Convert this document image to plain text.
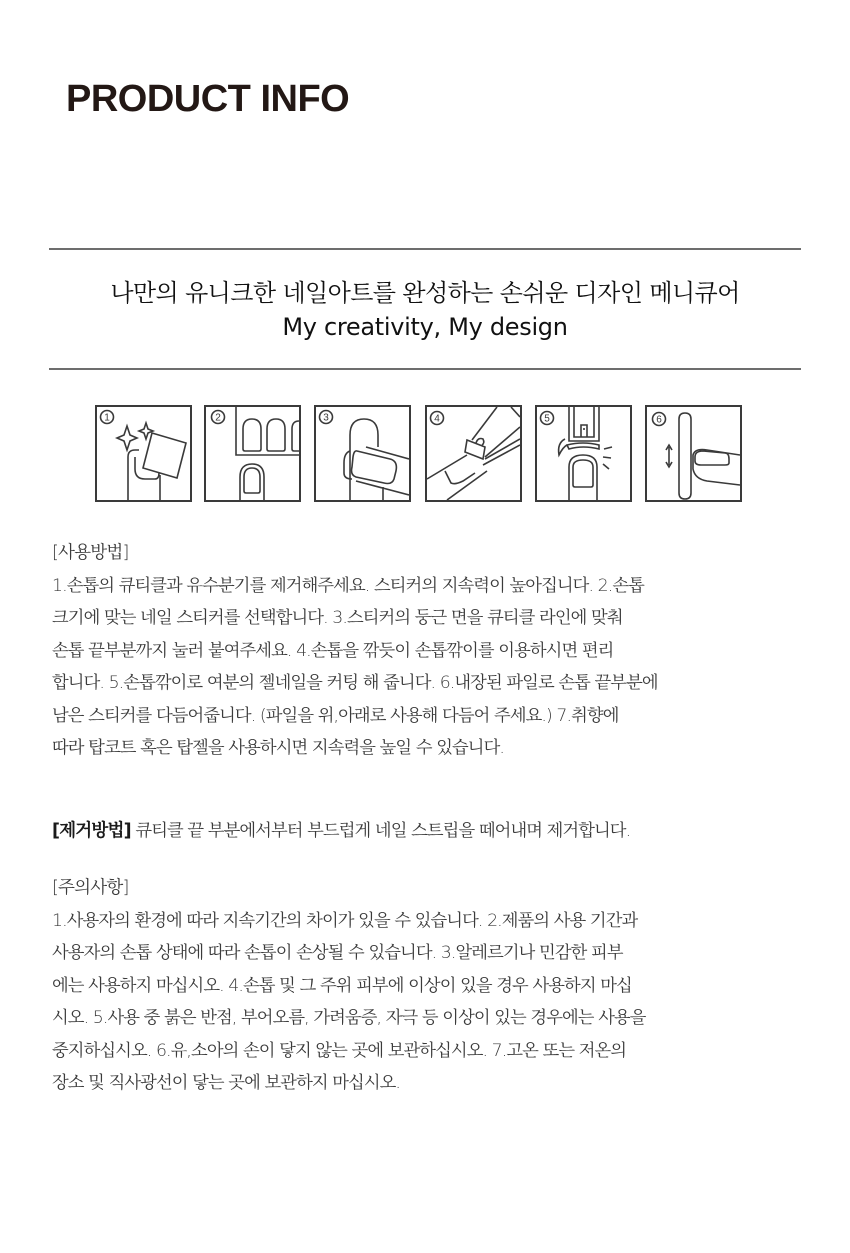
PRODUCT INFO
나만의 유니크한 네일아트를 완성하는 손쉬운 디자인 메니큐어
My creativity, My design
1	2	3	4	5	6
[사용방법]
1.손톱의 큐티클과 유수분기를 제거해주세요. 스티커의 지속력이 높아집니다. 2.손톱
크기에 맞는 네일 스티커를 선택합니다. 3.스티커의 둥근 면을 큐티클 라인에 맞춰
손톱 끝부분까지 눌러 붙여주세요. 4.손톱을 깎듯이 손톱깎이를 이용하시면 편리
합니다. 5.손톱깎이로 여분의 젤네일을 커팅 해 줍니다. 6.내장된 파일로 손톱 끝부분에
남은 스티커를 다듬어줍니다. (파일을 위,아래로 사용해 다듬어 주세요.) 7.취향에
따라 탑코트 혹은 탑젤을 사용하시면 지속력을 높일 수 있습니다.
[제거방법] 큐티클 끝 부분에서부터 부드럽게 네일 스트립을 떼어내며 제거합니다.
[주의사항]
1.사용자의 환경에 따라 지속기간의 차이가 있을 수 있습니다. 2.제품의 사용 기간과
사용자의 손톱 상태에 따라 손톱이 손상될 수 있습니다. 3.알레르기나 민감한 피부
에는 사용하지 마십시오. 4.손톱 및 그 주위 피부에 이상이 있을 경우 사용하지 마십
시오. 5.사용 중 붉은 반점, 부어오름, 가려움증, 자극 등 이상이 있는 경우에는 사용을
중지하십시오. 6.유,소아의 손이 닿지 않는 곳에 보관하십시오. 7.고온 또는 저온의
장소 및 직사광선이 닿는 곳에 보관하지 마십시오.
